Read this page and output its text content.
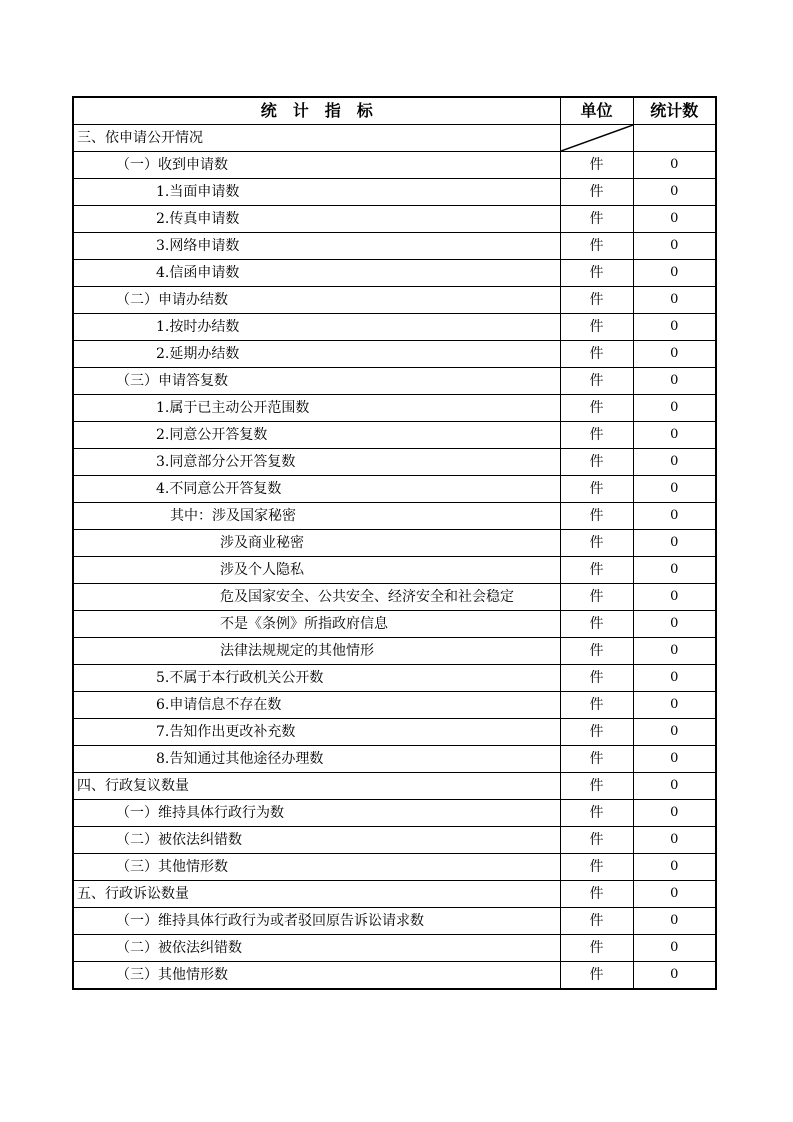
统　计　指　标	单位	统计数

三、依申请公开情况

（一）收到申请数	件	0

1.当面申请数	件	0

2.传真申请数	件	0

3.网络申请数	件	0

4.信函申请数	件	0

（二）申请办结数	件	0

1.按时办结数	件	0

2.延期办结数	件	0

（三）申请答复数	件	0

1.属于已主动公开范围数	件	0

2.同意公开答复数	件	0

3.同意部分公开答复数	件	0

4.不同意公开答复数	件	0

其中：涉及国家秘密	件	0

涉及商业秘密	件	0

涉及个人隐私	件	0

危及国家安全、公共安全、经济安全和社会稳定	件	0

不是《条例》所指政府信息	件	0

法律法规规定的其他情形	件	0

5.不属于本行政机关公开数	件	0

6.申请信息不存在数	件	0

7.告知作出更改补充数	件	0

8.告知通过其他途径办理数	件	0

四、行政复议数量	件	0

（一）维持具体行政行为数	件	0

（二）被依法纠错数	件	0

（三）其他情形数	件	0

五、行政诉讼数量	件	0

（一）维持具体行政行为或者驳回原告诉讼请求数	件	0

（二）被依法纠错数	件	0

（三）其他情形数	件	0
